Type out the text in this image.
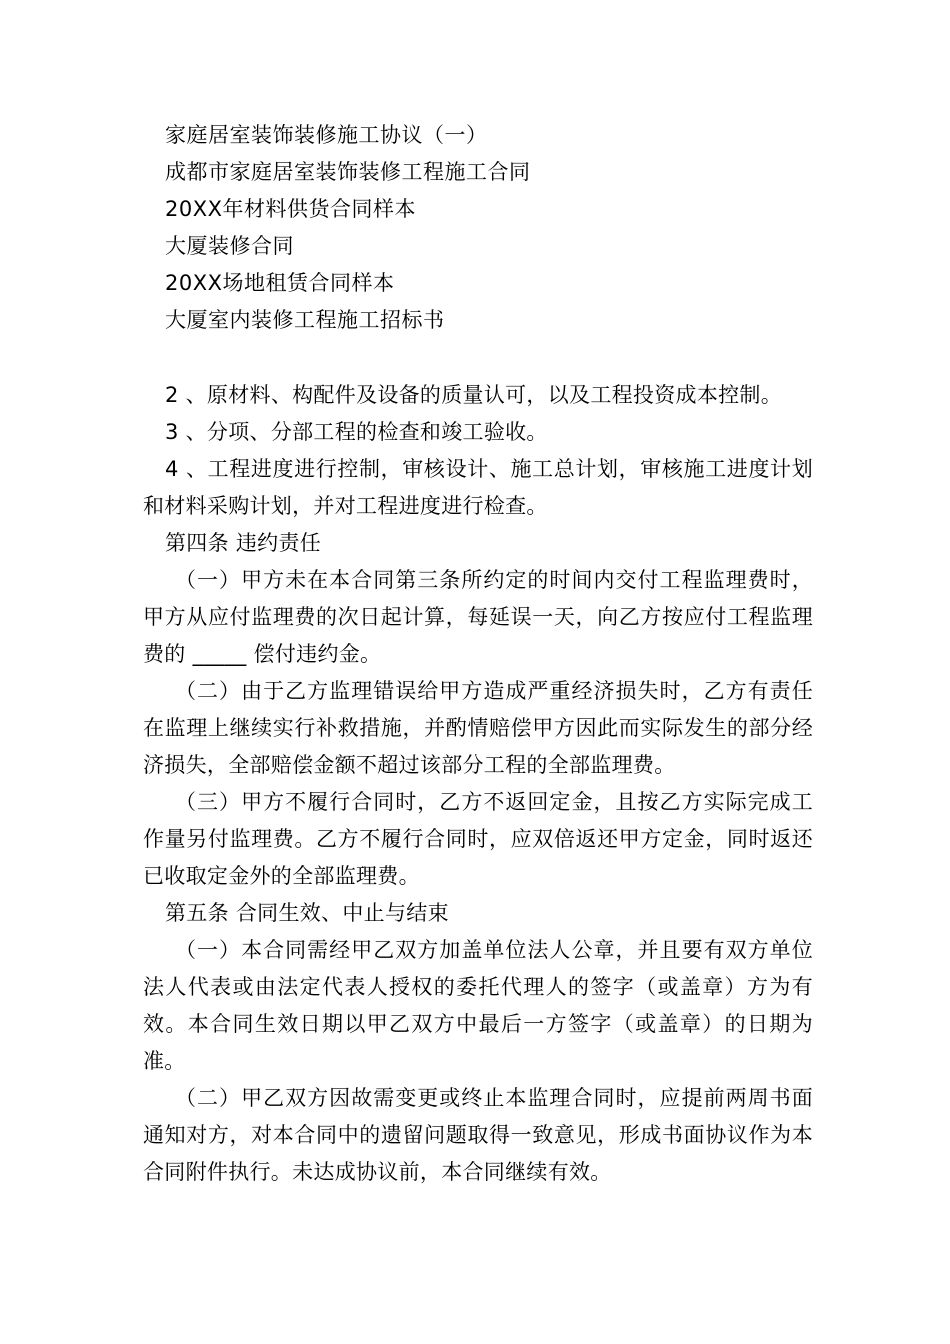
家庭居室装饰装修施工协议（一）
成都市家庭居室装饰装修工程施工合同
20XX年材料供货合同样本
大厦装修合同
20XX场地租赁合同样本
大厦室内装修工程施工招标书

2 、原材料、构配件及设备的质量认可，以及工程投资成本控制。

3 、分项、分部工程的检查和竣工验收。

4 、工程进度进行控制，审核设计、施工总计划，审核施工进度计划和材料采购计划，并对工程进度进行检查。

第四条 违约责任

（一）甲方未在本合同第三条所约定的时间内交付工程监理费时，甲方从应付监理费的次日起计算，每延误一天，向乙方按应付工程监理费的 _____ 偿付违约金。

（二）由于乙方监理错误给甲方造成严重经济损失时，乙方有责任在监理上继续实行补救措施，并酌情赔偿甲方因此而实际发生的部分经济损失，全部赔偿金额不超过该部分工程的全部监理费。

（三）甲方不履行合同时，乙方不返回定金，且按乙方实际完成工作量另付监理费。乙方不履行合同时，应双倍返还甲方定金，同时返还已收取定金外的全部监理费。

第五条 合同生效、中止与结束

（一）本合同需经甲乙双方加盖单位法人公章，并且要有双方单位法人代表或由法定代表人授权的委托代理人的签字（或盖章）方为有效。本合同生效日期以甲乙双方中最后一方签字（或盖章）的日期为准。

（二）甲乙双方因故需变更或终止本监理合同时，应提前两周书面通知对方，对本合同中的遗留问题取得一致意见，形成书面协议作为本合同附件执行。未达成协议前，本合同继续有效。
